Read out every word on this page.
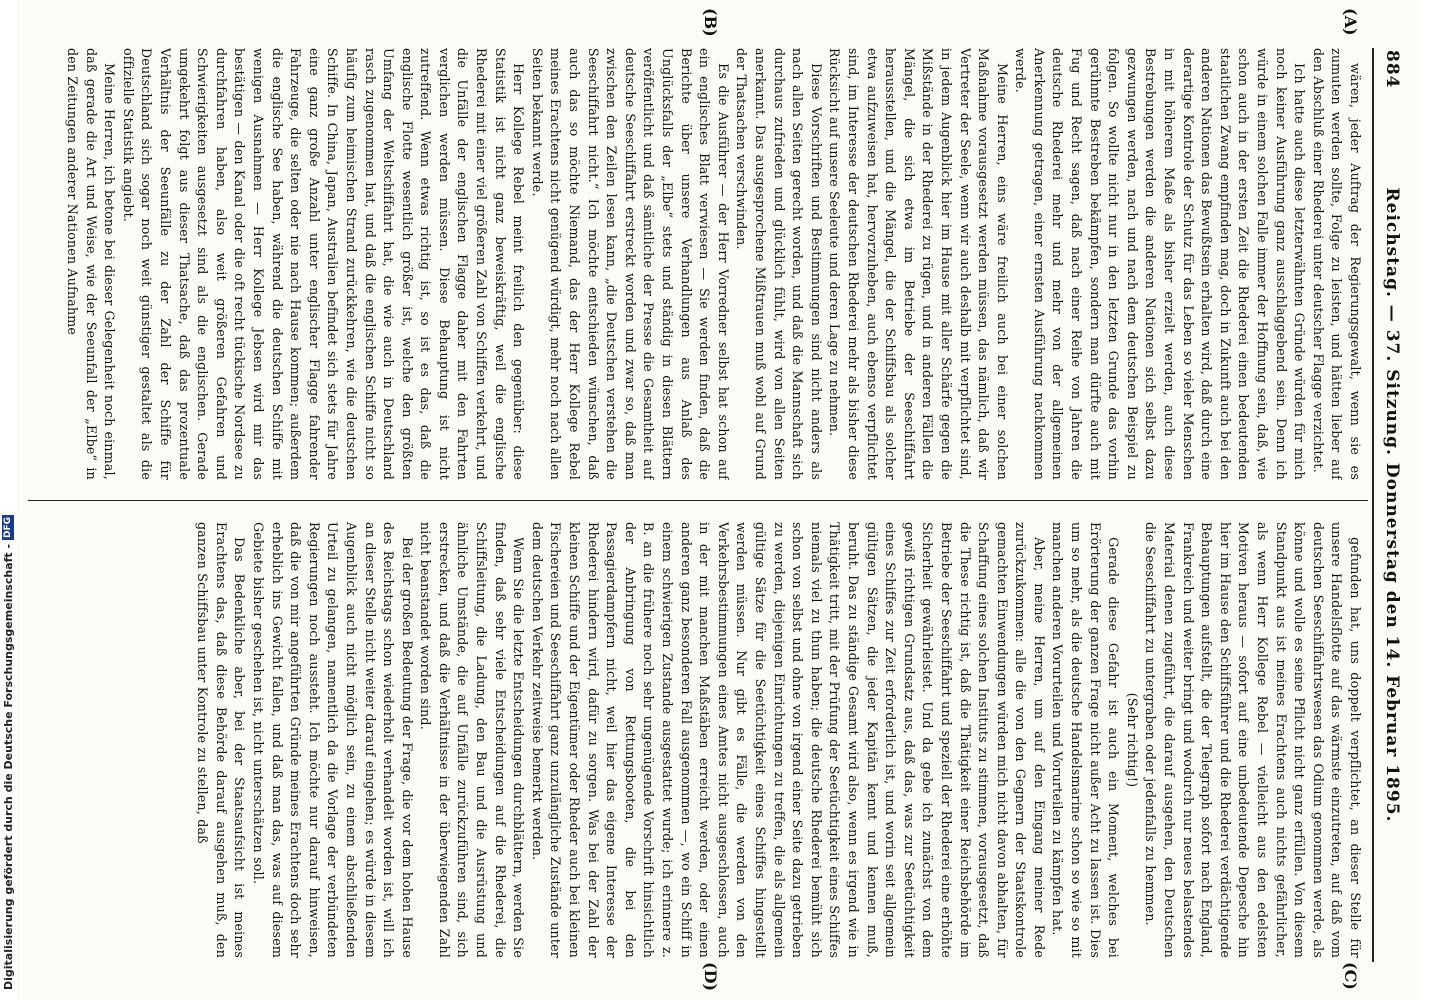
884
Reichstag. — 37. Sitzung. Donnerstag den 14. Februar 1895.
(A)
(B)
(C)
(D)

wären, jeder Auftrag der Regierungsgewalt, wenn sie es zumuten werden sollte, Folge zu leisten, und hätten lieber auf den Abschluß einer Rhederei unter deutscher Flagge verzichtet.

Ich hatte auch diese letzterwähnten Gründe würden für mich noch keiner Ausführung ganz ausschlaggebend sein. Denn ich würde in einem solchen Falle immer der Hoffnung sein, daß, wie schon auch in der ersten Zeit die Rhederei einen bedeutenden staatlichen Zwang empfinden mag, doch in Zukunft auch bei den anderen Nationen das Bewußtsein erhalten wird, daß durch eine derartige Kontrole der Schutz für das Leben so vieler Menschen in mit höherem Maße als bisher erzielt werden, auch diese Bestrebungen werden die anderen Nationen sich selbst dazu gezwungen werden, nach und nach dem deutschen Beispiel zu folgen. So wollte nicht nur in den letzten Grunde das vorhin gerühmte Bestreben bekämpfen, sondern man dürfte auch mit Fug und Recht sagen, daß nach einer Reihe von Jahren die deutsche Rhederei mehr und mehr von der allgemeinen Anerkennung getragen, einer ernsten Ausführung nachkommen werde.

Meine Herren, eins wäre freilich auch bei einer solchen Maßnahme vorausgesetzt werden müssen, das nämlich, daß wir Vertreter der Seele, wenn wir auch deshalb mit verpflichtet sind, in jedem Augenblick hier im Hause mit aller Schärfe gegen die Mißstände in der Rhederei zu rügen, und in anderen Fällen die Mängel, die sich etwa im Betriebe der Seeschiffahrt herausstellen, und die Mängel, die der Schiffsbau als solcher etwa aufzuweisen hat, hervorzuheben, auch ebenso verpflichtet sind, im Interesse der deutschen Rhederei mehr als bisher diese Rücksicht auf unsere Seeleute und deren Lage zu nehmen.

Diese Vorschriften und Bestimmungen sind nicht anders als nach allen Seiten gerecht worden, und daß die Mannschaft sich durchaus zufrieden und glücklich fühlt, wird von allen Seiten anerkannt. Das ausgesprochene Mißtrauen muß wohl auf Grund der Thatsachen verschwinden.

Es die Ausführer — der Herr Vorredner selbst hat schon auf ein englisches Blatt verwiesen — Sie werden finden, daß die Berichte über unsere Verhandlungen aus Anlaß des Unglücksfalls der „Elbe“ stets und ständig in diesen Blättern veröffentlicht und daß sämtliche der Presse die Gesamtheit auf deutsche Seeschiffahrt erstreckt worden und zwar so, daß man zwischen den Zeilen lesen kann, „die Deutschen verstehen die Seeschiffahrt nicht.“ Ich möchte entschieden wünschen, daß auch das so möchte Niemand, das der Herr Kollege Rebel meines Erachtens nicht genügend würdigt, mehr noch nach allen Seiten bekannt werde.

Herr Kollege Rebel meint freilich den gegenüber: diese Statistik ist nicht ganz beweiskräftig, weil die englische Rhederei mit einer viel größeren Zahl von Schiffen verkehrt, und die Unfälle der englischen Flagge daher mit den Fahrten verglichen werden müssen. Diese Behauptung ist nicht zutreffend. Wenn etwas richtig ist, so ist es das, daß die englische Flotte wesentlich größer ist, welche den größten Umfang der Weltschiffahrt hat, die wie auch in Deutschland rasch zugenommen hat, und daß die englischen Schiffe nicht so häufig zum heimischen Strand zurückkehren, wie die deutschen Schiffe. In China, Japan, Australien befindet sich stets für Jahre eine ganz große Anzahl unter englischer Flagge fahrender Fahrzeuge, die selten oder nie nach Hause kommen; außerdem die englische See haben, während die deutschen Schiffe mit wenigen Ausnahmen — Herr Kollege Jebsen wird mir das bestätigen — den Kanal oder die oft recht tückische Nordsee zu durchfahren haben, also weit größeren Gefahren und Schwierigkeiten ausgesetzt sind als die englischen. Gerade umgekehrt folgt aus dieser Thatsache, daß das prozentuale Verhältnis der Seeunfälle zu der Zahl der Schiffe für Deutschland sich sogar noch weit günstiger gestaltet als die offizielle Statistik angiebt.

Meine Herren, ich betone bei dieser Gelegenheit noch einmal, daß gerade die Art und Weise, wie der Seeunfall der „Elbe“ in den Zeitungen anderer Nationen Aufnahme

gefunden hat, uns doppelt verpflichtet, an dieser Stelle für unsere Handelsflotte auf das wärmste einzutreten, auf daß vom deutschen Seeschiffahrtswesen das Odium genommen werde, als könne und wolle es seine Pflicht nicht ganz erfüllen. Von diesem Standpunkt aus ist meines Erachtens auch nichts gefährlicher, als wenn Herr Kollege Rebel — vielleicht aus den edelsten Motiven heraus — sofort auf eine unbedeutende Depesche hin hier im Hause den Schiffsführer und die Rhederei verdächtigende Behauptungen aufstellt, die der Telegraph sofort nach England, Frankreich und weiter bringt und wodurch nur neues belastendes Material denen zugeführt, die darauf ausgehen, den Deutschen die Seeschiffahrt zu untergraben oder jedenfalls zu hemmen.

(Sehr richtig!)

Gerade diese Gefahr ist auch ein Moment, welches bei Erörterung der ganzen Frage nicht außer Acht zu lassen ist. Dies um so mehr, als die deutsche Handelsmarine schon so wie so mit manchen anderen Vorurteilen und Vorurteilen zu kämpfen hat.

Aber, meine Herren, um auf den Eingang meiner Rede zurückzukommen: alle die von den Gegnern der Staatskontrole gemachten Einwendungen würden mich nicht davon abhalten, für Schaffung eines solchen Instituts zu stimmen, vorausgesetzt, daß die These richtig ist, daß die Thätigkeit einer Reichsbehörde im Betriebe der Seeschiffahrt und speziell der Rhederei eine erhöhte Sicherheit gewährleistet. Und da gebe ich zunächst von dem gewiß richtigen Grundsatz aus, daß das, was zur Seetüchtigkeit eines Schiffes zur Zeit erforderlich ist, und worin seit allgemein gültigen Sätzen, die jeder Kapitän kennt und kennen muß, beruht. Das zu ständige Gesamt wird also, wenn es irgend wie in Thätigkeit tritt, mit der Prüfung der Seetüchtigkeit eines Schiffes niemals viel zu thun haben; die deutsche Rhederei bemüht sich schon von selbst und ohne von irgend einer Seite dazu getrieben zu werden, diejenigen Einrichtungen zu treffen, die als allgemein gültige Sätze für die Seetüchtigkeit eines Schiffes hingestellt werden müssen. Nur gibt es Fälle, die werden von den Verkehrsbestimmungen eines Amtes nicht ausgeschlossen, auch in der mit manchen Maßstäben erreicht werden, oder einen anderen ganz besonderen Fall ausgenommen —, wo ein Schiff in einem schwierigen Zustande ausgestattet wurde; ich erinnere z. B. an die frühere noch sehr ungenügende Vorschrift hinsichtlich der Anbringung von Rettungsbooten, die bei den Passagierdampfern nicht, weil hier das eigene Interesse der Rhederei hindern wird, dafür zu sorgen. Was bei der Zahl der kleinen Schiffe und der Eigentümer oder Rheder auch bei kleinen Fischereien und Seeschiffahrt ganz unzulängliche Zustände unter dem deutschen Verkehr zeitweise bemerkt werden.

Wenn Sie die letzte Entscheidungen durchblättern, werden Sie finden, daß sehr viele Entscheidungen auf die Rhederei, die Schiffsleitung, die Ladung, den Bau und die Ausrüstung und ähnliche Umstände, die auf Unfälle zurückzuführen sind, sich erstrecken, und daß die Verhältnisse in der überwiegenden Zahl nicht beanstandet worden sind.

Bei der großen Bedeutung der Frage, die vor dem hohen Hause des Reichstags schon wiederholt verhandelt worden ist, will ich an dieser Stelle nicht weiter darauf eingehen; es würde in diesem Augenblick auch nicht möglich sein, zu einem abschließenden Urteil zu gelangen, namentlich da die Vorlage der verbündeten Regierungen noch aussteht. Ich möchte nur darauf hinweisen, daß die von mir angeführten Gründe meines Erachtens doch sehr erheblich ins Gewicht fallen, und daß man das, was auf diesem Gebiete bisher geschehen ist, nicht unterschätzen soll.

Das Bedenkliche aber, bei der Staatsaufsicht ist meines Erachtens das, daß diese Behörde darauf ausgehen muß, den ganzen Schiffsbau unter Kontrole zu stellen, daß

Digitalisierung gefördert durch die Deutsche Forschungsgemeinschaft -
DFG
